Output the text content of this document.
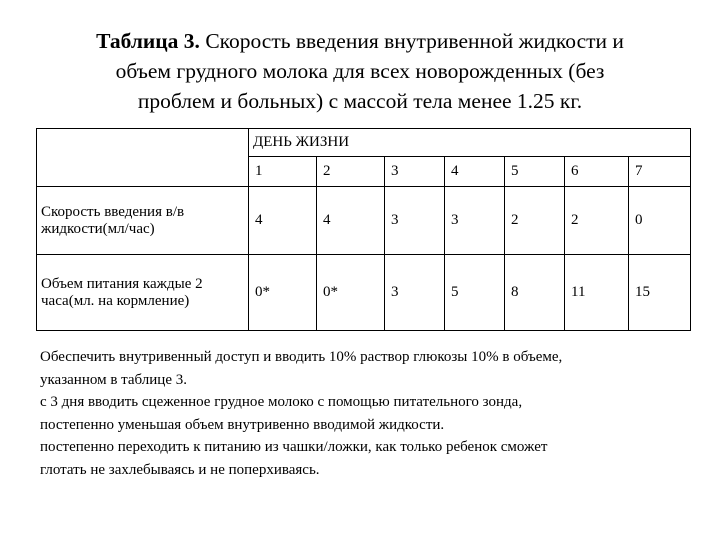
Таблица 3. Скорость введения внутривенной жидкости и
объем грудного молока для всех новорожденных (без
проблем и больных) с массой тела менее 1.25 кг.
	ДЕНЬ ЖИЗНИ						
	1	2	3	4	5	6	7

Скорость введения в/в
жидкости(мл/час)	4	4	3	3	2	2	0

Объем питания каждые 2
часа(мл. на кормление)	0*	0*	3	5	8	11	15
Обеспечить внутривенный доступ и вводить 10% раствор глюкозы 10% в объеме,
указанном в таблице 3.
с 3 дня вводить сцеженное грудное молоко с помощью питательного зонда,
постепенно уменьшая объем внутривенно вводимой жидкости.
постепенно переходить к питанию из чашки/ложки, как только ребенок сможет
глотать не захлебываясь и не поперхиваясь.
